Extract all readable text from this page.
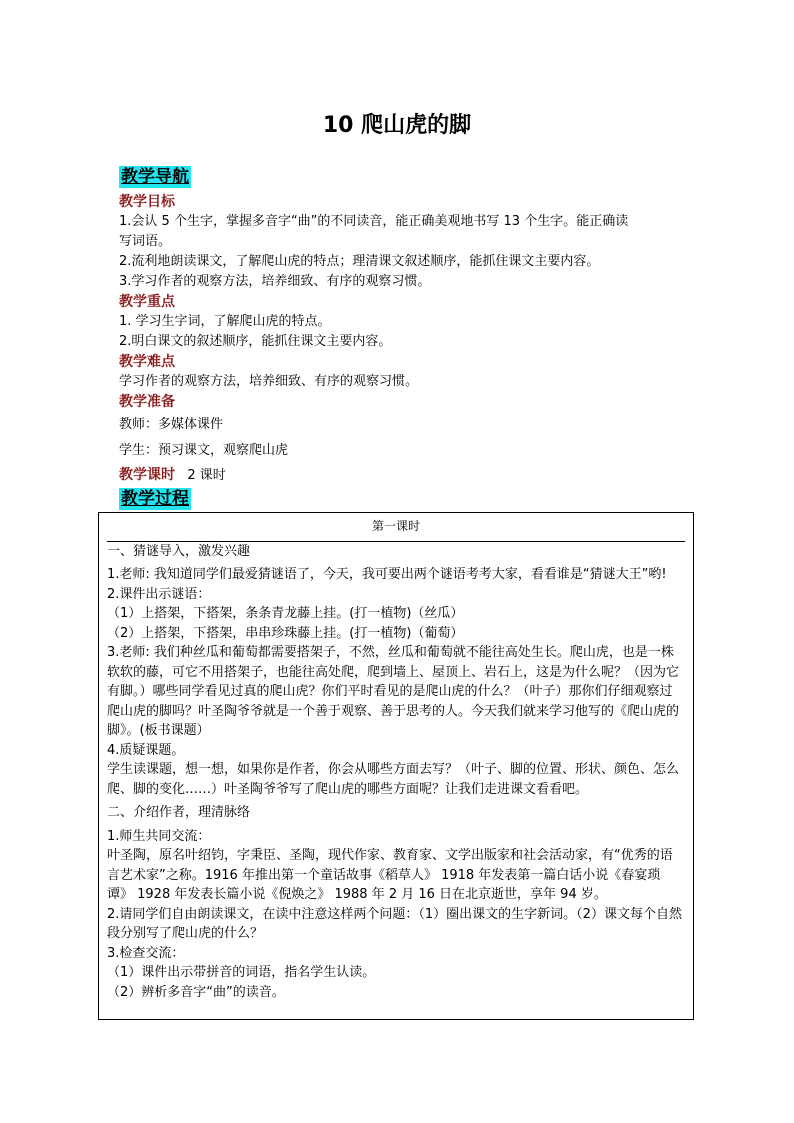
10 爬山虎的脚
教学导航

教学目标

1.会认 5 个生字，掌握多音字“曲”的不同读音，能正确美观地书写 13 个生字。能正确读写词语。

2.流利地朗读课文，了解爬山虎的特点；理清课文叙述顺序，能抓住课文主要内容。

3.学习作者的观察方法，培养细致、有序的观察习惯。

教学重点

1. 学习生字词，了解爬山虎的特点。

2.明白课文的叙述顺序，能抓住课文主要内容。

教学难点

学习作者的观察方法，培养细致、有序的观察习惯。

教学准备

教师：多媒体课件

学生：预习课文，观察爬山虎

教学课时 2 课时

教学过程

第一课时

一、猜谜导入，激发兴趣

1.老师: 我知道同学们最爱猜谜语了，今天，我可要出两个谜语考考大家，看看谁是“猜谜大王”哟!

2.课件出示谜语：

（1）上搭架，下搭架，条条青龙藤上挂。(打一植物)（丝瓜）

（2）上搭架，下搭架，串串珍珠藤上挂。(打一植物)（葡萄）

3.老师: 我们种丝瓜和葡萄都需要搭架子，不然，丝瓜和葡萄就不能往高处生长。爬山虎，也是一株软软的藤，可它不用搭架子，也能往高处爬，爬到墙上、屋顶上、岩石上，这是为什么呢？（因为它有脚。）哪些同学看见过真的爬山虎？你们平时看见的是爬山虎的什么？（叶子）那你们仔细观察过爬山虎的脚吗？叶圣陶爷爷就是一个善于观察、善于思考的人。今天我们就来学习他写的《爬山虎的脚》。(板书课题）

4.质疑课题。

学生读课题，想一想，如果你是作者，你会从哪些方面去写？（叶子、脚的位置、形状、颜色、怎么爬、脚的变化……）叶圣陶爷爷写了爬山虎的哪些方面呢？让我们走进课文看看吧。

二、介绍作者，理清脉络

1.师生共同交流：

叶圣陶，原名叶绍钧，字秉臣、圣陶，现代作家、教育家、文学出版家和社会活动家，有“优秀的语言艺术家”之称。1916 年推出第一个童话故事《稻草人》 1918 年发表第一篇白话小说《春宴琐谭》 1928 年发表长篇小说《倪焕之》 1988 年 2 月 16 日在北京逝世，享年 94 岁。

2.请同学们自由朗读课文，在读中注意这样两个问题：（1）圈出课文的生字新词。（2）课文每个自然段分别写了爬山虎的什么？

3.检查交流：

（1）课件出示带拼音的词语，指名学生认读。

（2）辨析多音字“曲”的读音。
